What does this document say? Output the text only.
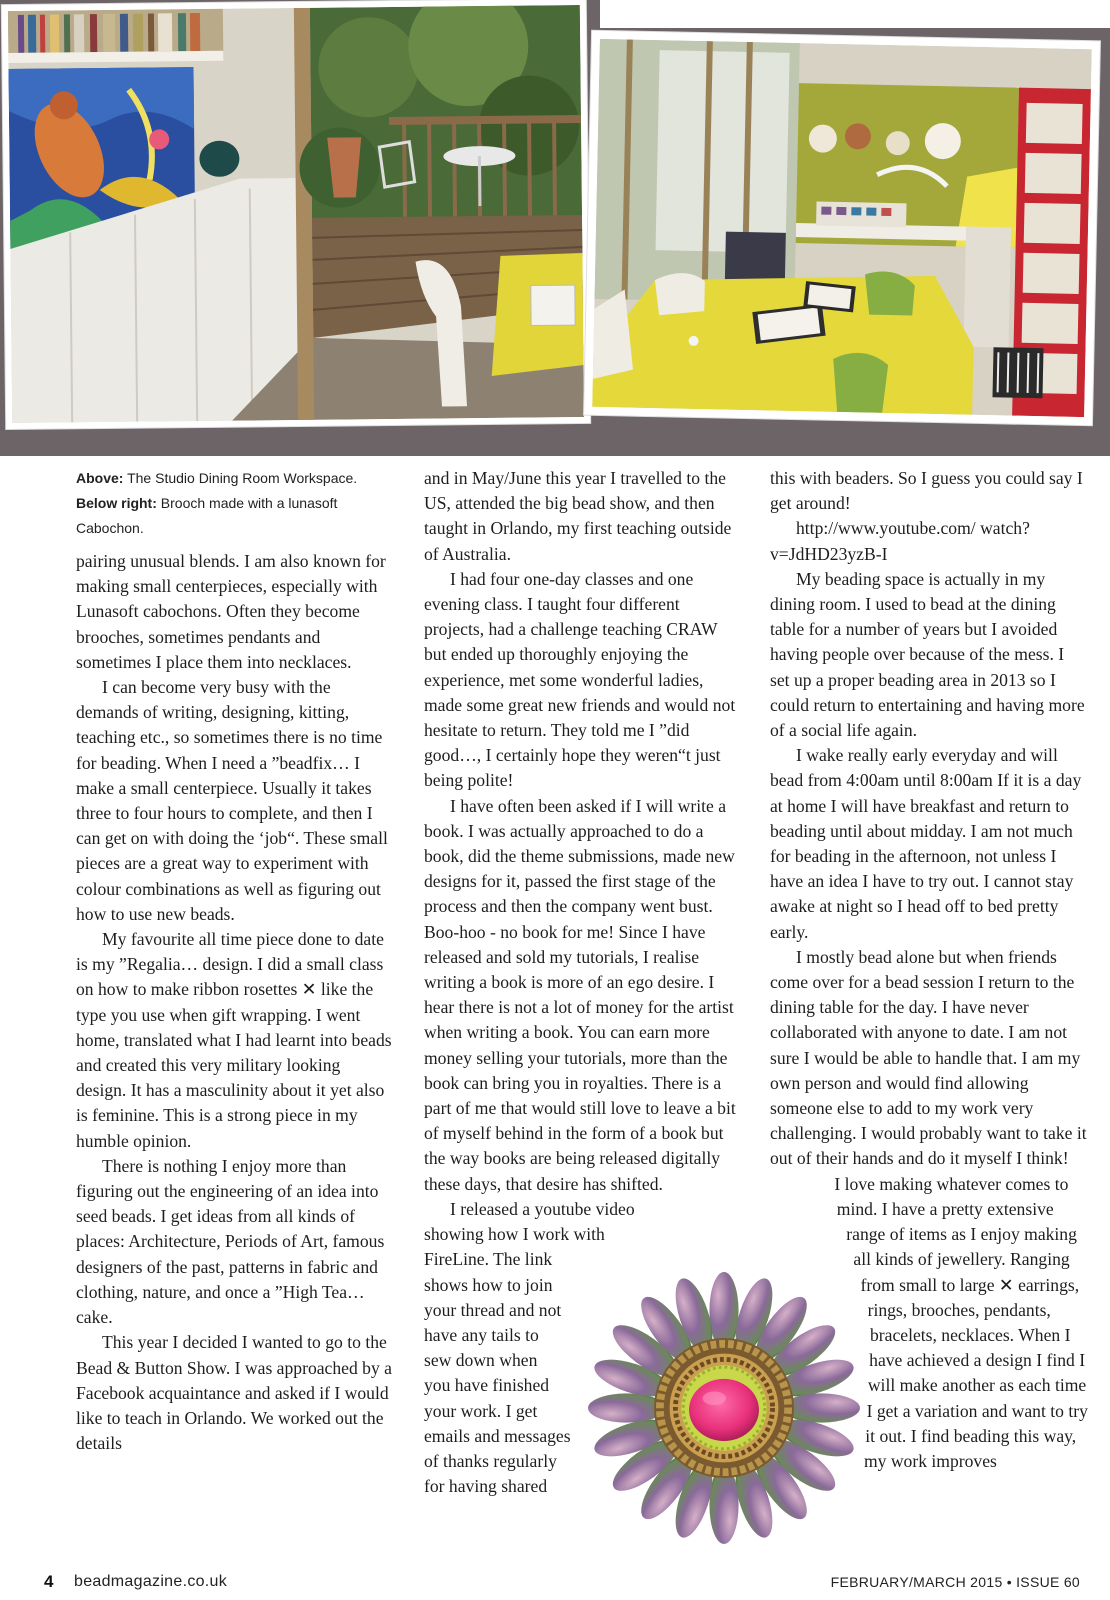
Above: The Studio Dining Room Workspace.
Below right: Brooch made with a lunasoft Cabochon.

pairing unusual blends. I am also known for making small centerpieces, especially with Lunasoft cabochons. Often they become brooches, sometimes pendants and sometimes I place them into necklaces.

I can become very busy with the demands of writing, designing, kitting, teaching etc., so sometimes there is no time for beading. When I need a ”beadfix… I make a small centerpiece. Usually it takes three to four hours to complete, and then I can get on with doing the ‘job“. These small pieces are a great way to experiment with colour combinations as well as figuring out how to use new beads.

My favourite all time piece done to date is my ”Regalia… design. I did a small class on how to make ribbon rosettes ✕ like the type you use when gift wrapping. I went home, translated what I had learnt into beads and created this very military looking design. It has a masculinity about it yet also is feminine. This is a strong piece in my humble opinion.

There is nothing I enjoy more than figuring out the engineering of an idea into seed beads. I get ideas from all kinds of places: Architecture, Periods of Art, famous designers of the past, patterns in fabric and clothing, nature, and once a ”High Tea… cake.

This year I decided I wanted to go to the Bead & Button Show. I was approached by a Facebook acquaintance and asked if I would like to teach in Orlando. We worked out the details

and in May/June this year I travelled to the US, attended the big bead show, and then taught in Orlando, my first teaching outside of Australia.

I had four one-day classes and one evening class. I taught four different projects, had a challenge teaching CRAW but ended up thoroughly enjoying the experience, met some wonderful ladies, made some great new friends and would not hesitate to return. They told me I ”did good…, I certainly hope they weren“t just being polite!

I have often been asked if I will write a book. I was actually approached to do a book, did the theme submissions, made new designs for it, passed the first stage of the process and then the company went bust. Boo-hoo - no book for me! Since I have released and sold my tutorials, I realise writing a book is more of an ego desire. I hear there is not a lot of money for the artist when writing a book. You can earn more money selling your tutorials, more than the book can bring you in royalties. There is a part of me that would still love to leave a bit of myself behind in the form of a book but the way books are being released digitally these days, that desire has shifted.

I released a youtube video showing how I work with FireLine. The link shows how to join your thread and not have any tails to sew down when you have finished your work. I get emails and messages of thanks regularly for having shared

this with beaders. So I guess you could say I get around!

http://www.youtube.com/ watch?v=JdHD23yzB-I

My beading space is actually in my dining room. I used to bead at the dining table for a number of years but I avoided having people over because of the mess. I set up a proper beading area in 2013 so I could return to entertaining and having more of a social life again.

I wake really early everyday and will bead from 4:00am until 8:00am If it is a day at home I will have breakfast and return to beading until about midday. I am not much for beading in the afternoon, not unless I have an idea I have to try out. I cannot stay awake at night so I head off to bed pretty early.

I mostly bead alone but when friends come over for a bead session I return to the dining table for the day. I have never collaborated with anyone to date. I am not sure I would be able to handle that. I am my own person and would find allowing someone else to add to my work very challenging. I would probably want to take it out of their hands and do it myself I think!

I love making whatever comes to mind. I have a pretty extensive range of items as I enjoy making all kinds of jewellery. Ranging from small to large ✕ earrings, rings, brooches, pendants, bracelets, necklaces. When I have achieved a design I find I will make another as each time I get a variation and want to try it out. I find beading this way, my work improves

4 beadmagazine.co.uk	FEBRUARY/MARCH 2015 • ISSUE 60
